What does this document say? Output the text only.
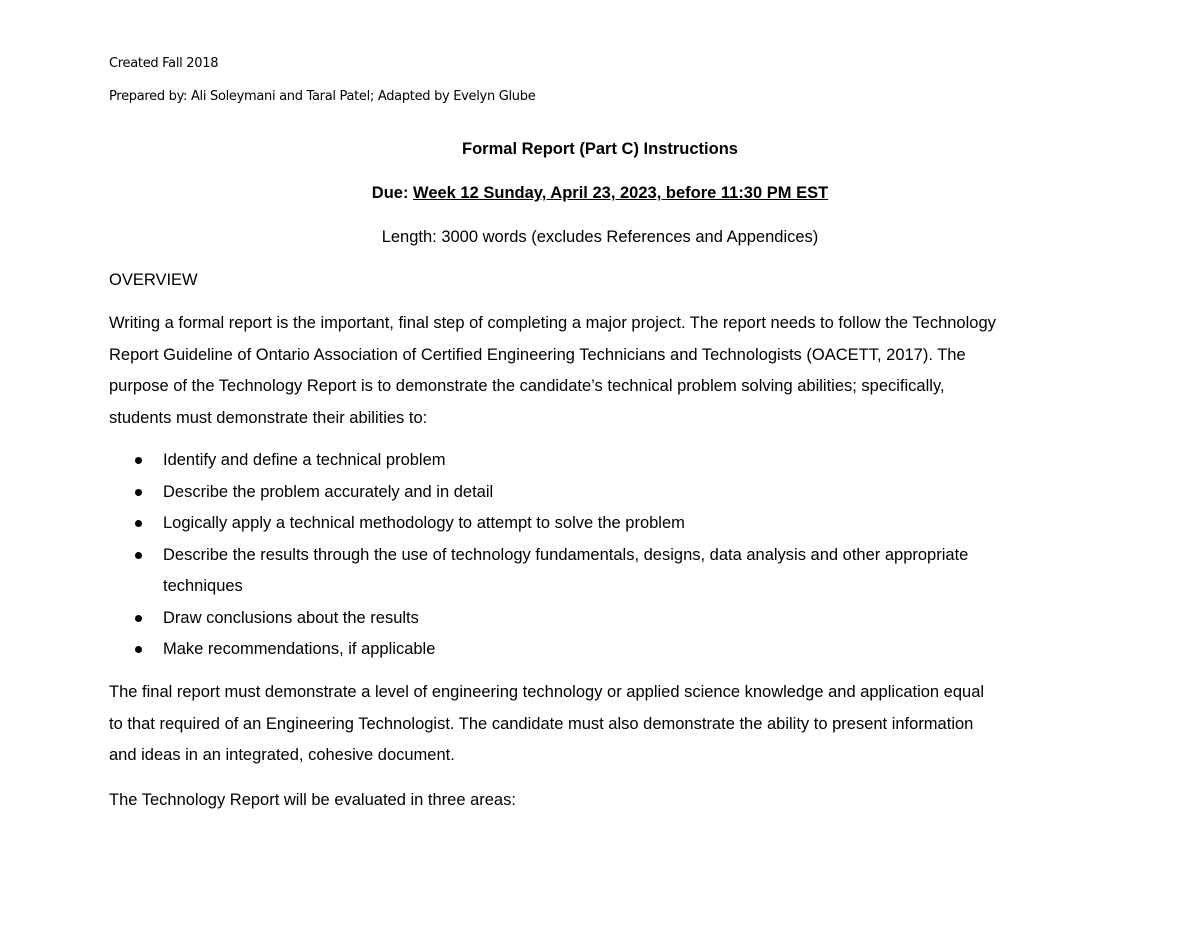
Created Fall 2018
Prepared by: Ali Soleymani and Taral Patel; Adapted by Evelyn Glube
Formal Report (Part C) Instructions
Due: Week 12 Sunday, April 23, 2023, before 11:30 PM EST
Length: 3000 words (excludes References and Appendices)
OVERVIEW
Writing a formal report is the important, final step of completing a major project. The report needs to follow the Technology
Report Guideline of Ontario Association of Certified Engineering Technicians and Technologists (OACETT, 2017). The
purpose of the Technology Report is to demonstrate the candidate’s technical problem solving abilities; specifically,
students must demonstrate their abilities to:
Identify and define a technical problem
Describe the problem accurately and in detail
Logically apply a technical methodology to attempt to solve the problem
Describe the results through the use of technology fundamentals, designs, data analysis and other appropriate
techniques
Draw conclusions about the results
Make recommendations, if applicable
The final report must demonstrate a level of engineering technology or applied science knowledge and application equal
to that required of an Engineering Technologist. The candidate must also demonstrate the ability to present information
and ideas in an integrated, cohesive document.
The Technology Report will be evaluated in three areas:
